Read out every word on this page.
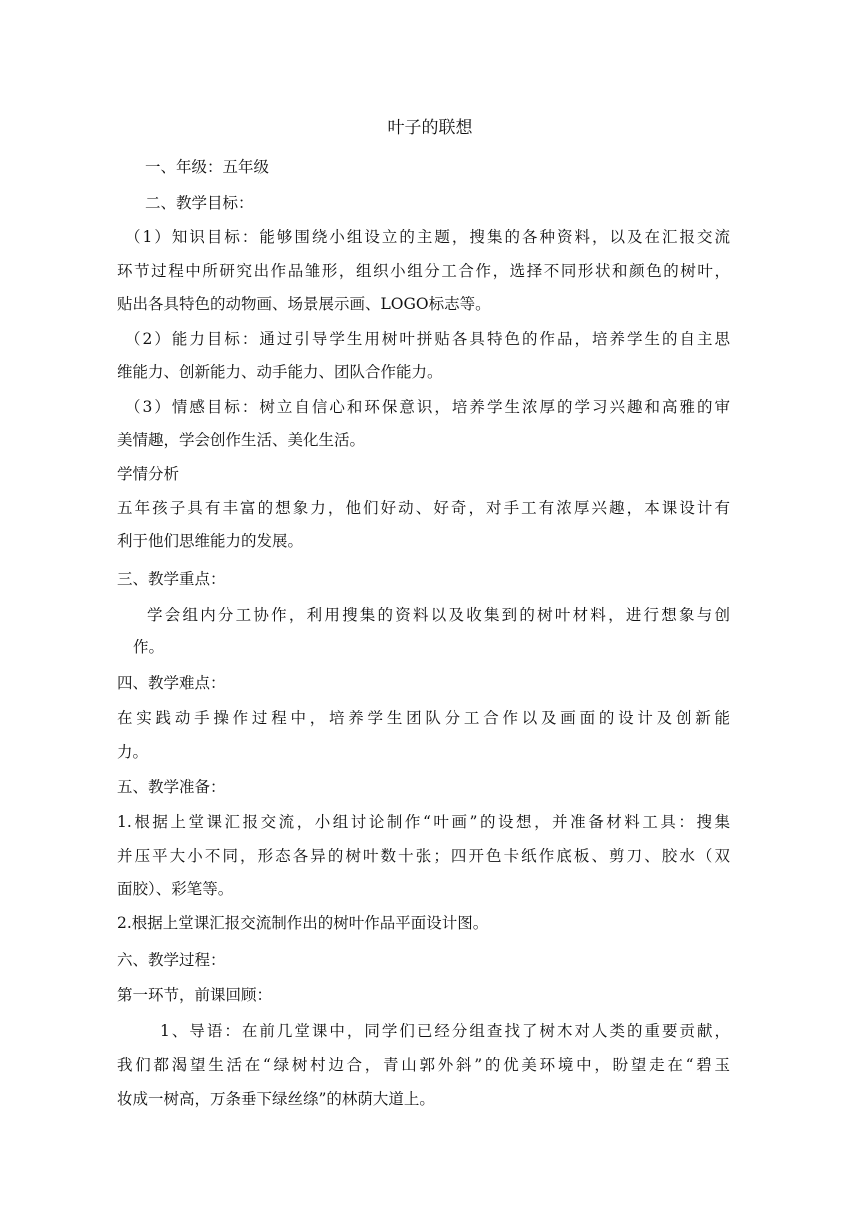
叶子的联想
一、年级：五年级
二、教学目标：
（1）知识目标：能够围绕小组设立的主题，搜集的各种资料，以及在汇报交流
环节过程中所研究出作品雏形，组织小组分工合作，选择不同形状和颜色的树叶，
贴出各具特色的动物画、场景展示画、LOGO标志等。
（2）能力目标：通过引导学生用树叶拼贴各具特色的作品，培养学生的自主思
维能力、创新能力、动手能力、团队合作能力。
（3）情感目标：树立自信心和环保意识，培养学生浓厚的学习兴趣和高雅的审
美情趣，学会创作生活、美化生活。
学情分析
五年孩子具有丰富的想象力，他们好动、好奇，对手工有浓厚兴趣，本课设计有
利于他们思维能力的发展。
三、教学重点：
学会组内分工协作，利用搜集的资料以及收集到的树叶材料，进行想象与创
作。
四、教学难点：
在实践动手操作过程中，培养学生团队分工合作以及画面的设计及创新能
力。
五、教学准备：
1.根据上堂课汇报交流，小组讨论制作“叶画”的设想，并准备材料工具：搜集
并压平大小不同，形态各异的树叶数十张；四开色卡纸作底板、剪刀、胶水（双
面胶）、彩笔等。
2.根据上堂课汇报交流制作出的树叶作品平面设计图。
六、教学过程：
第一环节，前课回顾：
1、导语：在前几堂课中，同学们已经分组查找了树木对人类的重要贡献，
我们都渴望生活在“绿树村边合，青山郭外斜”的优美环境中，盼望走在“碧玉
妆成一树高，万条垂下绿丝绦”的林荫大道上。
